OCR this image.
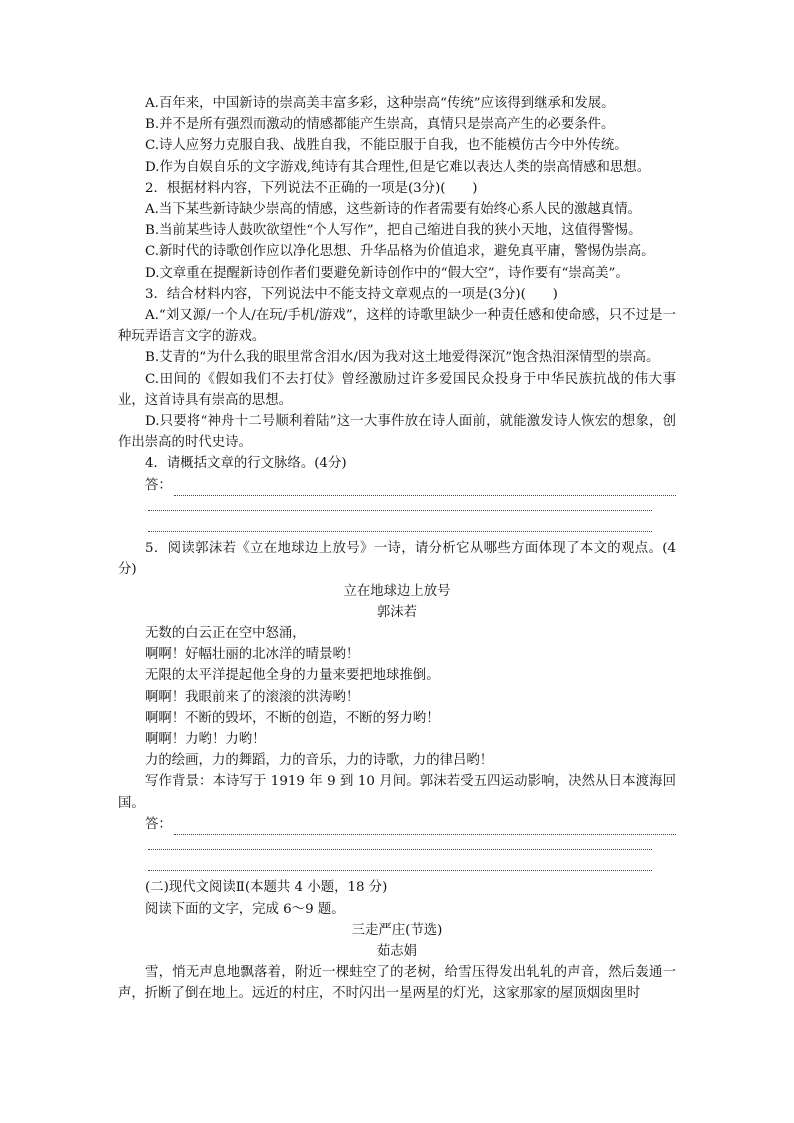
A.百年来，中国新诗的崇高美丰富多彩，这种崇高“传统”应该得到继承和发展。
B.并不是所有强烈而激动的情感都能产生崇高，真情只是崇高产生的必要条件。
C.诗人应努力克服自我、战胜自我，不能臣服于自我，也不能模仿古今中外传统。
D.作为自娱自乐的文字游戏,纯诗有其合理性,但是它难以表达人类的崇高情感和思想。
2．根据材料内容，下列说法不正确的一项是(3分)(　　)
A.当下某些新诗缺少崇高的情感，这些新诗的作者需要有始终心系人民的激越真情。
B.当前某些诗人鼓吹欲望性“个人写作”，把自己缩进自我的狭小天地，这值得警惕。
C.新时代的诗歌创作应以净化思想、升华品格为价值追求，避免真平庸，警惕伪崇高。
D.文章重在提醒新诗创作者们要避免新诗创作中的“假大空”，诗作要有“崇高美”。
3．结合材料内容，下列说法中不能支持文章观点的一项是(3分)(　　)
A.“刘又源/一个人/在玩/手机/游戏”，这样的诗歌里缺少一种责任感和使命感，只不过是一种玩弄语言文字的游戏。
B.艾青的“为什么我的眼里常含泪水/因为我对这土地爱得深沉”饱含热泪深情型的崇高。
C.田间的《假如我们不去打仗》曾经激励过许多爱国民众投身于中华民族抗战的伟大事业，这首诗具有崇高的思想。
D.只要将“神舟十二号顺利着陆”这一大事件放在诗人面前，就能激发诗人恢宏的想象，创作出崇高的时代史诗。
4．请概括文章的行文脉络。(4分)
答：
5．阅读郭沫若《立在地球边上放号》一诗，请分析它从哪些方面体现了本文的观点。(4分)
立在地球边上放号
郭沫若
无数的白云正在空中怒涌，
啊啊！好幅壮丽的北冰洋的晴景哟！
无限的太平洋提起他全身的力量来要把地球推倒。
啊啊！我眼前来了的滚滚的洪涛哟！
啊啊！不断的毁坏，不断的创造，不断的努力哟！
啊啊！力哟！力哟！
力的绘画，力的舞蹈，力的音乐，力的诗歌，力的律吕哟！
写作背景：本诗写于 1919 年 9 到 10 月间。郭沫若受五四运动影响，决然从日本渡海回国。
答：
(二)现代文阅读Ⅱ(本题共 4 小题，18 分)
阅读下面的文字，完成 6～9 题。
三走严庄(节选)
茹志娟
雪，悄无声息地飘落着，附近一棵蛀空了的老树，给雪压得发出轧轧的声音，然后轰通一声，折断了倒在地上。远近的村庄，不时闪出一星两星的灯光，这家那家的屋顶烟囱里时
